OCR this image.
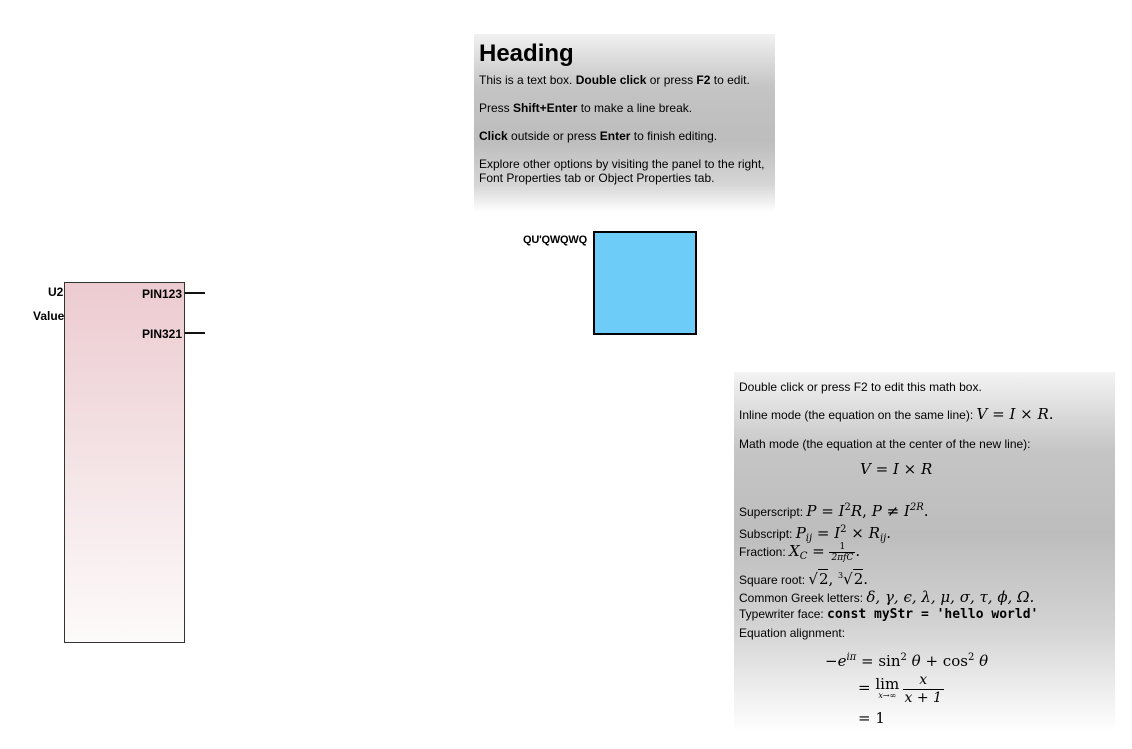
U2
Value
PIN123
PIN321
Heading
This is a text box. Double click or press F2 to edit.
Press Shift+Enter to make a line break.
Click outside or press Enter to finish editing.
Explore other options by visiting the panel to the right, Font Properties tab or Object Properties tab.
QU'QWQWQ
Double click or press F2 to edit this math box.
Inline mode (the equation on the same line): V = I × R.
Math mode (the equation at the center of the new line):
V = I × R
Superscript: $P = I^2R$, $P \ne I^{2R}$.
Subscript: $P_{ij} = I^2 \times R_{ij}$.
Fraction: $X_C = \frac{1}{\text{2πfC}}$ .
Square root: √2, $^3$√2.
Common Greek letters: δ, γ, ϵ, λ, μ, σ, τ, ϕ, Ω.
Typewriter face: const myStr = 'hello world'
Equation alignment:
$-e^{i\pi} = \sin^2 \theta + \cos^2 \theta$
= lim
x→∞
$\frac{x}{x + 1}$
= 1
